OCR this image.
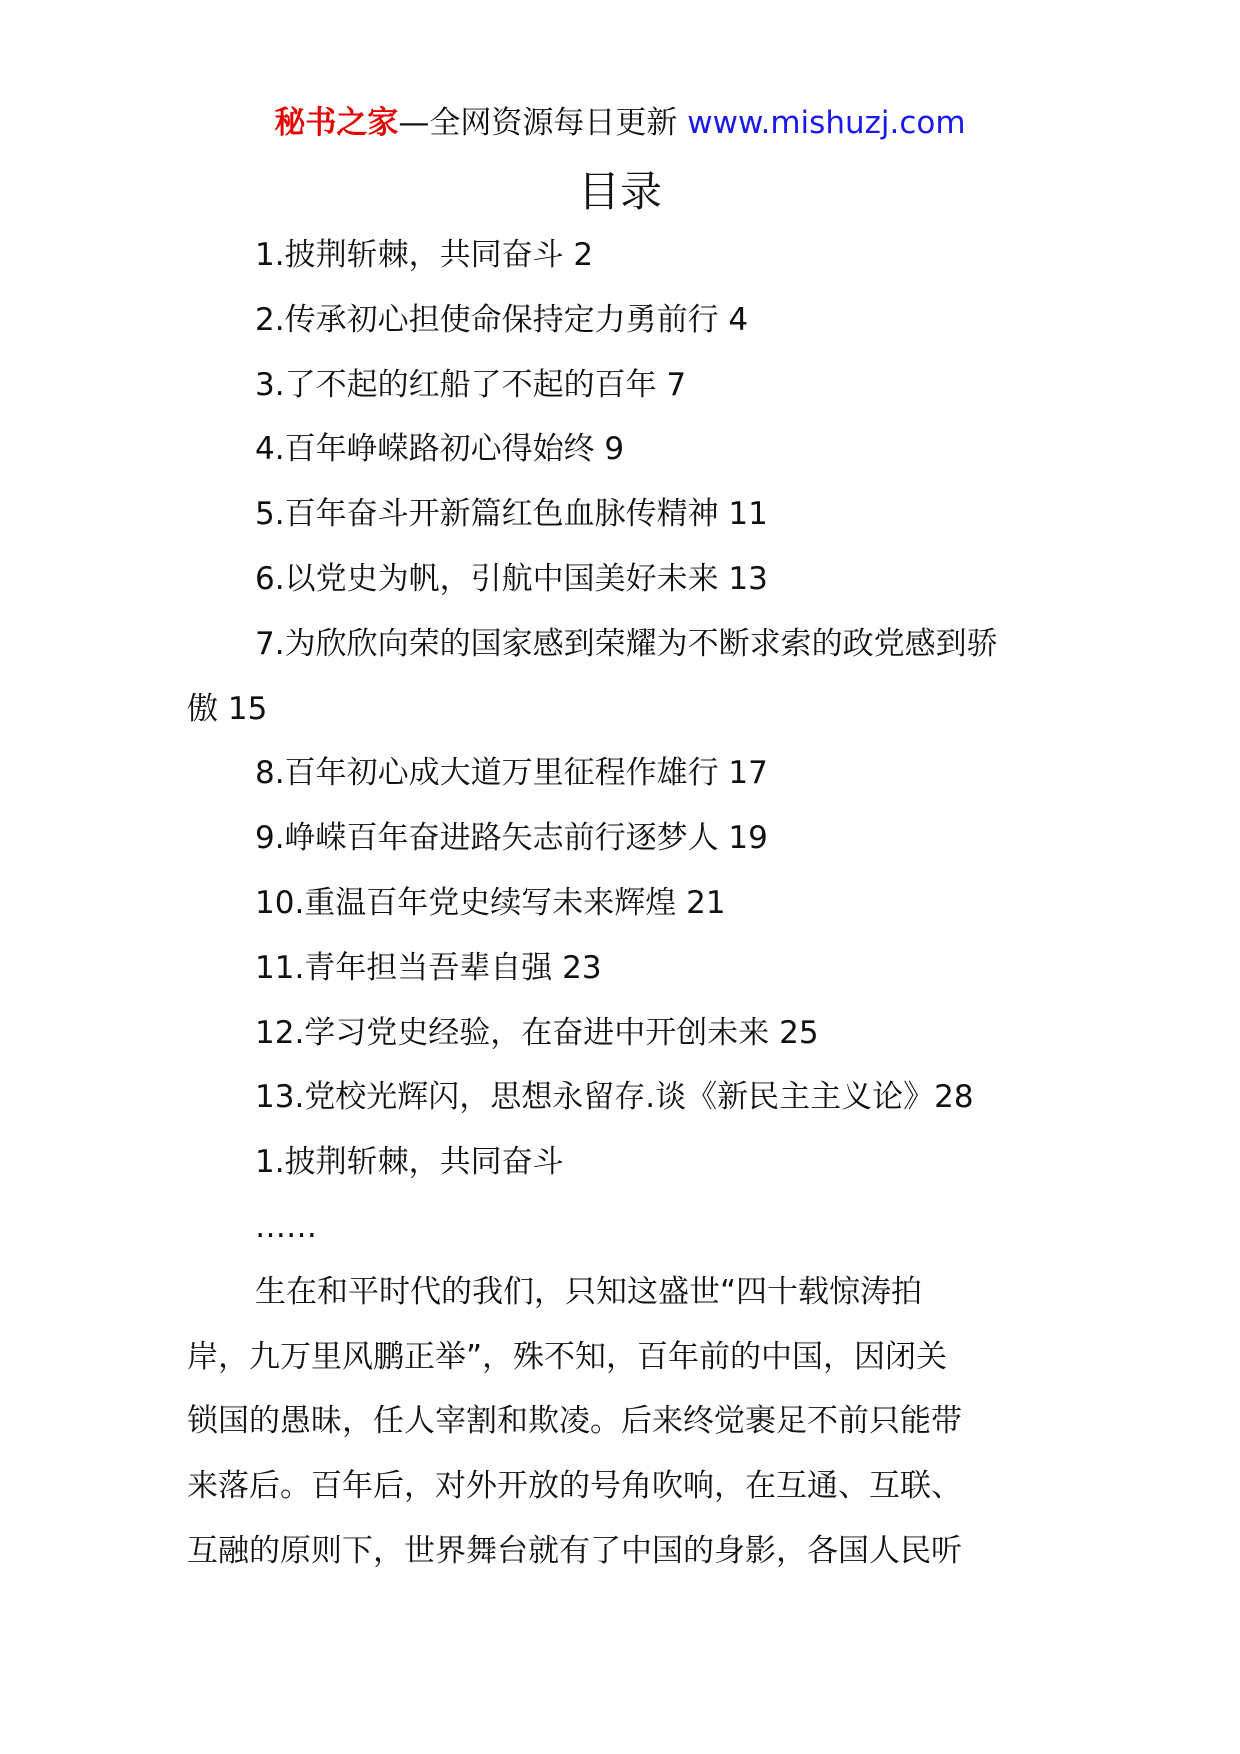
秘书之家—全网资源每日更新 www.mishuzj.com
目录
1.披荆斩棘，共同奋斗 2
2.传承初心担使命保持定力勇前行 4
3.了不起的红船了不起的百年 7
4.百年峥嵘路初心得始终 9
5.百年奋斗开新篇红色血脉传精神 11
6.以党史为帆，引航中国美好未来 13
7.为欣欣向荣的国家感到荣耀为不断求索的政党感到骄
傲 15
8.百年初心成大道万里征程作雄行 17
9.峥嵘百年奋进路矢志前行逐梦人 19
10.重温百年党史续写未来辉煌 21
11.青年担当吾辈自强 23
12.学习党史经验，在奋进中开创未来 25
13.党校光辉闪，思想永留存.谈《新民主主义论》28
1.披荆斩棘，共同奋斗
……
生在和平时代的我们，只知这盛世“四十载惊涛拍
岸，九万里风鹏正举”，殊不知，百年前的中国，因闭关
锁国的愚昧，任人宰割和欺凌。后来终觉裹足不前只能带
来落后。百年后，对外开放的号角吹响，在互通、互联、
互融的原则下，世界舞台就有了中国的身影，各国人民听
